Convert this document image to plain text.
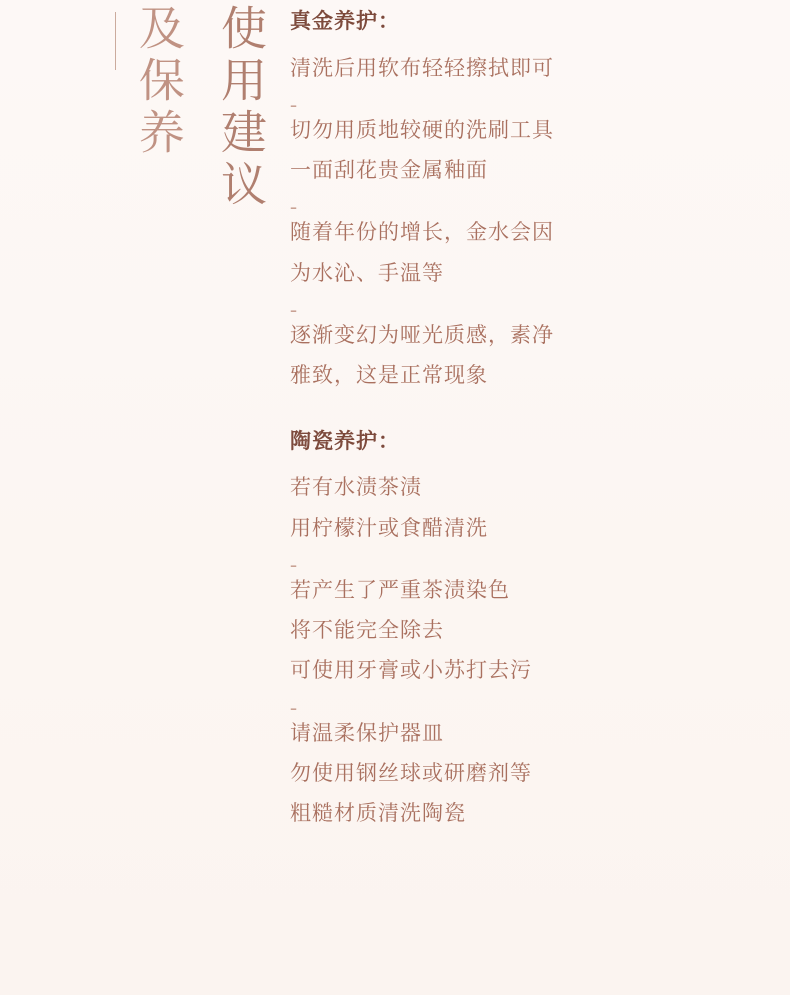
使用建议
及保养	真金养护：
清洗后用软布轻轻擦拭即可
-
切勿用质地较硬的洗刷工具
一面刮花贵金属釉面
-
随着年份的增长，金水会因
为水沁、手温等
-
逐渐变幻为哑光质感，素净
雅致，这是正常现象
陶瓷养护：
若有水渍茶渍
用柠檬汁或食醋清洗
-
若产生了严重茶渍染色
将不能完全除去
可使用牙膏或小苏打去污
-
请温柔保护器皿
勿使用钢丝球或研磨剂等
粗糙材质清洗陶瓷
